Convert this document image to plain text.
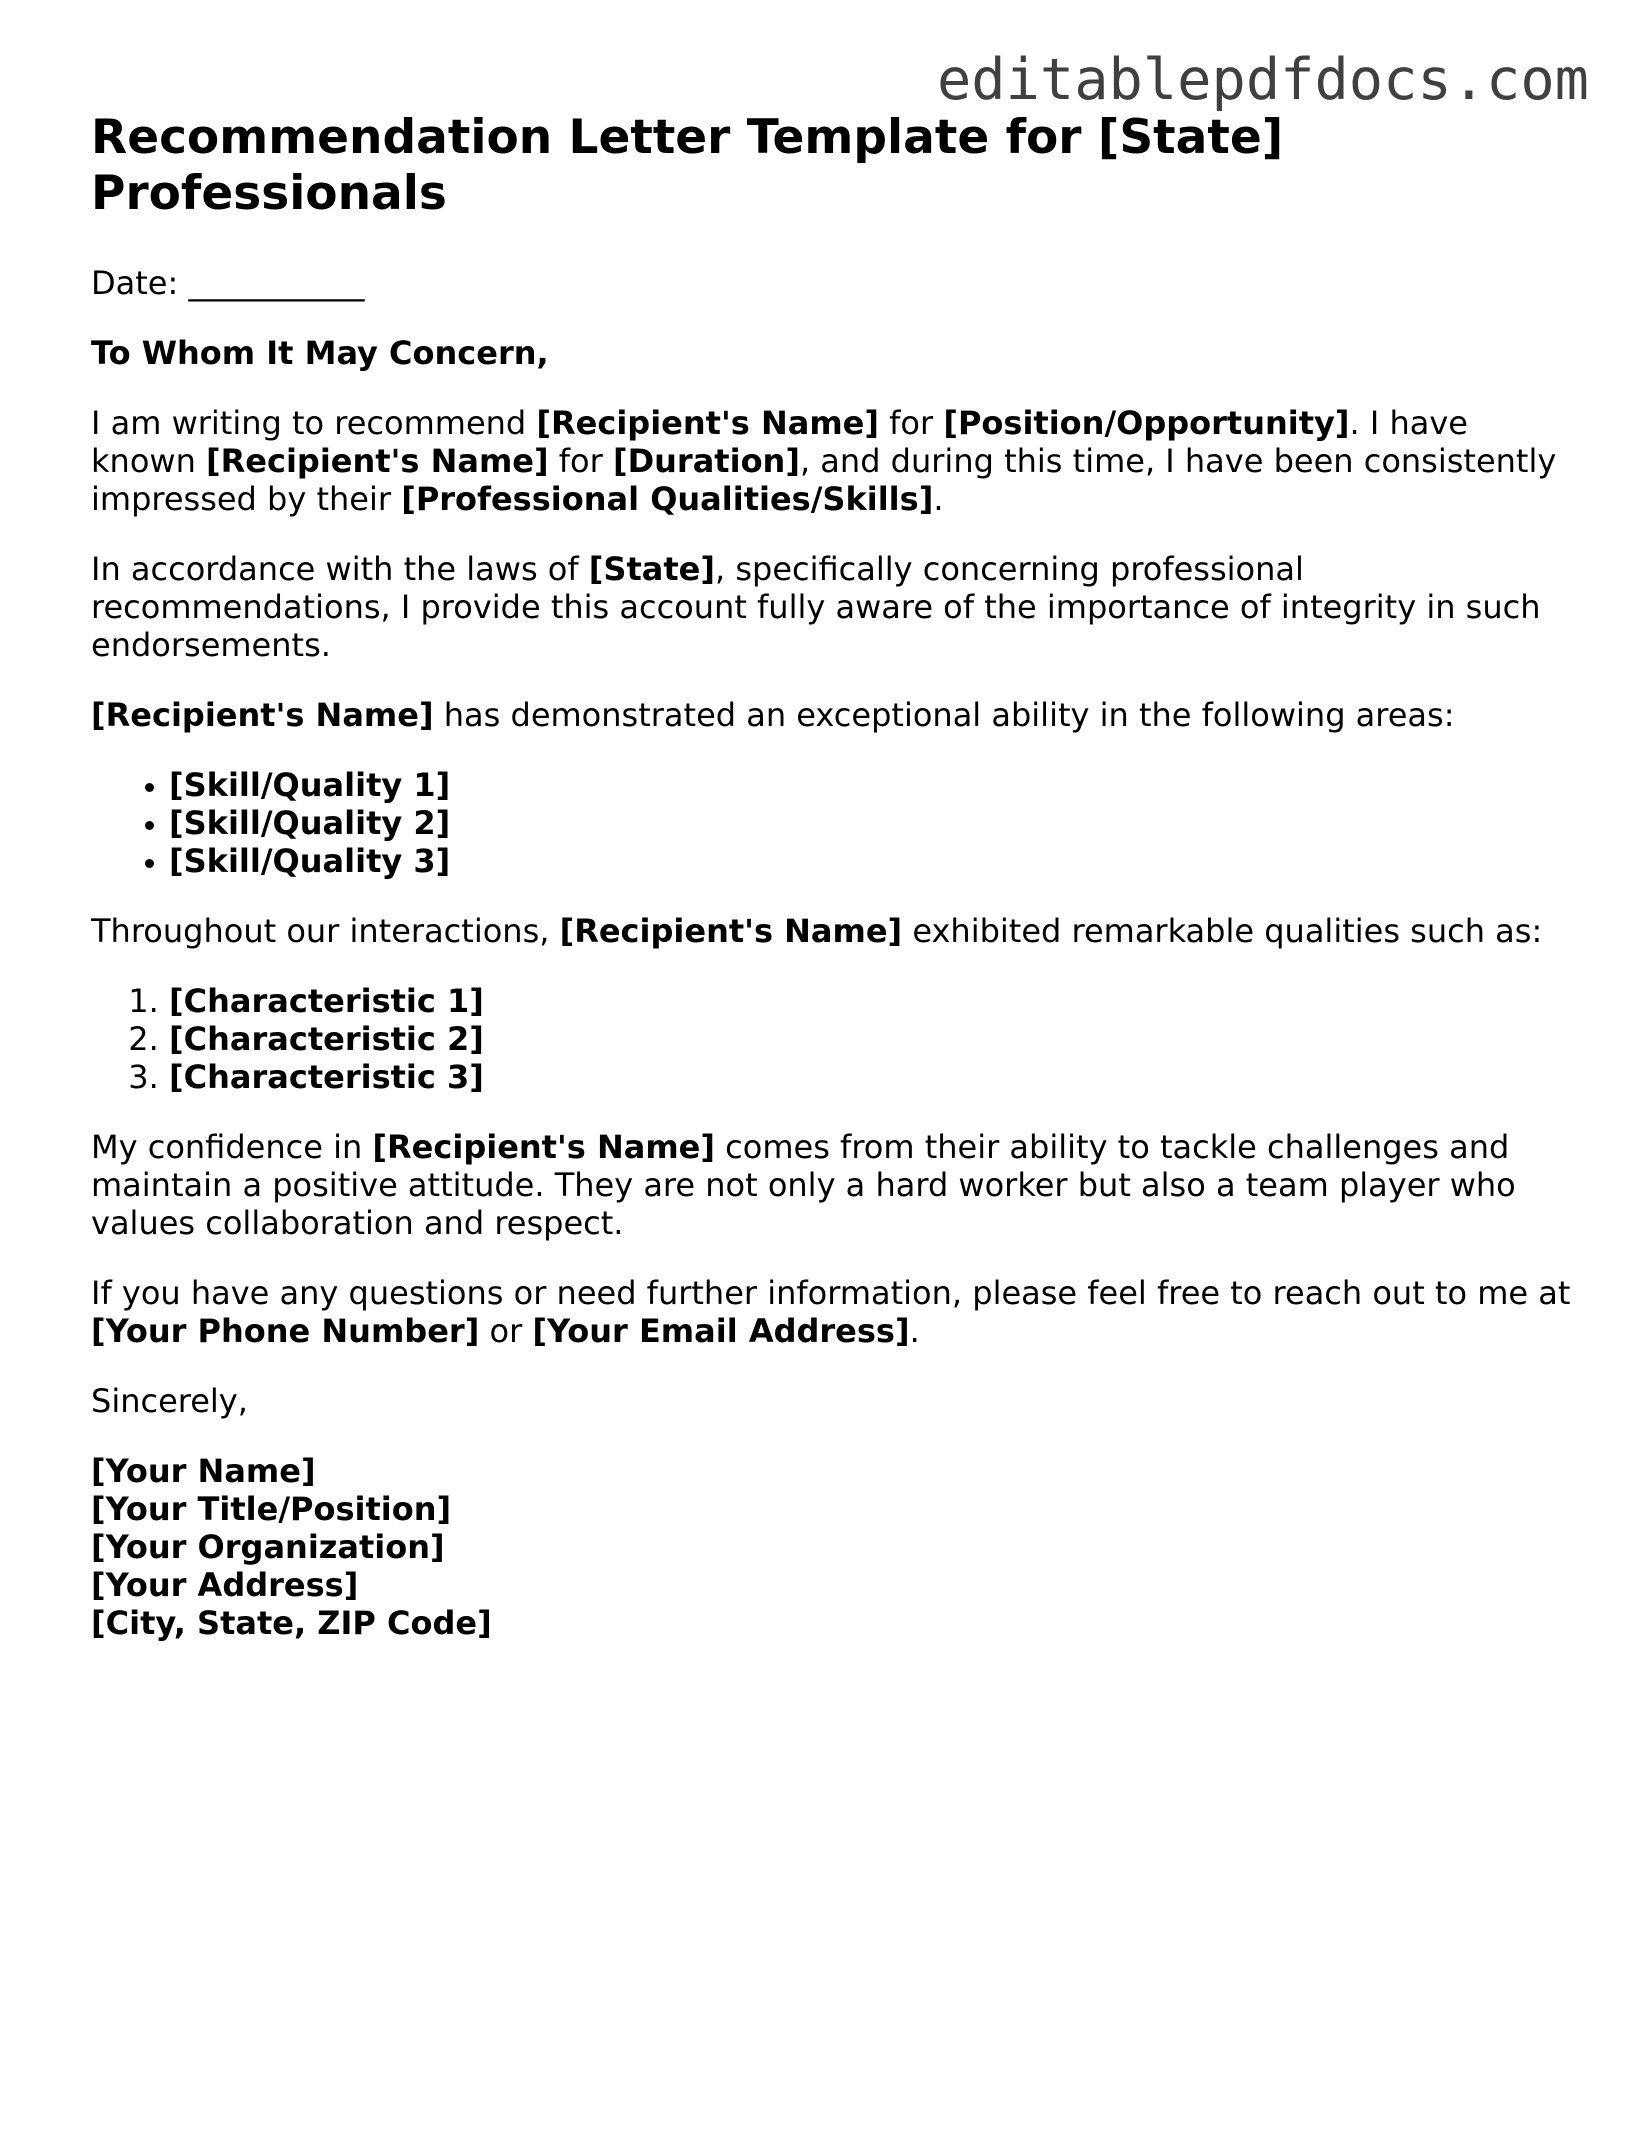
editablepdfdocs.com
Recommendation Letter Template for [State] Professionals

Date: ___________

To Whom It May Concern,

I am writing to recommend [Recipient's Name] for [Position/Opportunity]. I have known [Recipient's Name] for [Duration], and during this time, I have been consistently impressed by their [Professional Qualities/Skills].

In accordance with the laws of [State], specifically concerning professional recommendations, I provide this account fully aware of the importance of integrity in such endorsements.

[Recipient's Name] has demonstrated an exceptional ability in the following areas:

• [Skill/Quality 1]
• [Skill/Quality 2]
• [Skill/Quality 3]

Throughout our interactions, [Recipient's Name] exhibited remarkable qualities such as:

1. [Characteristic 1]
2. [Characteristic 2]
3. [Characteristic 3]

My confidence in [Recipient's Name] comes from their ability to tackle challenges and maintain a positive attitude. They are not only a hard worker but also a team player who values collaboration and respect.

If you have any questions or need further information, please feel free to reach out to me at [Your Phone Number] or [Your Email Address].

Sincerely,

[Your Name]
[Your Title/Position]
[Your Organization]
[Your Address]
[City, State, ZIP Code]
